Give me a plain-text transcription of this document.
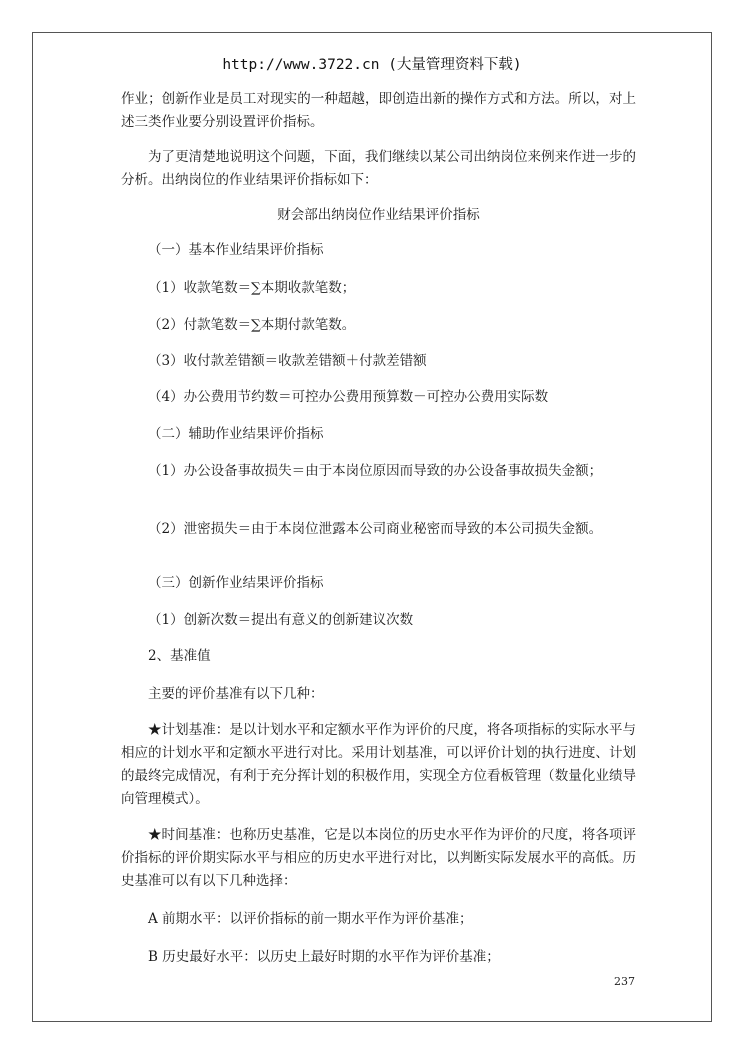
http://www.3722.cn (大量管理资料下载)

作业；创新作业是员工对现实的一种超越，即创造出新的操作方式和方法。所以，对上述三类作业要分别设置评价指标。

为了更清楚地说明这个问题，下面，我们继续以某公司出纳岗位来例来作进一步的分析。出纳岗位的作业结果评价指标如下：

财会部出纳岗位作业结果评价指标

（一）基本作业结果评价指标

（1）收款笔数＝∑本期收款笔数；

（2）付款笔数＝∑本期付款笔数。

（3）收付款差错额＝收款差错额＋付款差错额

（4）办公费用节约数＝可控办公费用预算数－可控办公费用实际数

（二）辅助作业结果评价指标

（1）办公设备事故损失＝由于本岗位原因而导致的办公设备事故损失金额；

（2）泄密损失＝由于本岗位泄露本公司商业秘密而导致的本公司损失金额。

（三）创新作业结果评价指标

（1）创新次数＝提出有意义的创新建议次数

2、基准值

主要的评价基准有以下几种：

★计划基准：是以计划水平和定额水平作为评价的尺度，将各项指标的实际水平与相应的计划水平和定额水平进行对比。采用计划基准，可以评价计划的执行进度、计划的最终完成情况，有利于充分挥计划的积极作用，实现全方位看板管理（数量化业绩导向管理模式）。

★时间基准：也称历史基准，它是以本岗位的历史水平作为评价的尺度，将各项评价指标的评价期实际水平与相应的历史水平进行对比，以判断实际发展水平的高低。历史基准可以有以下几种选择：

A 前期水平：以评价指标的前一期水平作为评价基准；

B 历史最好水平：以历史上最好时期的水平作为评价基准；

237
